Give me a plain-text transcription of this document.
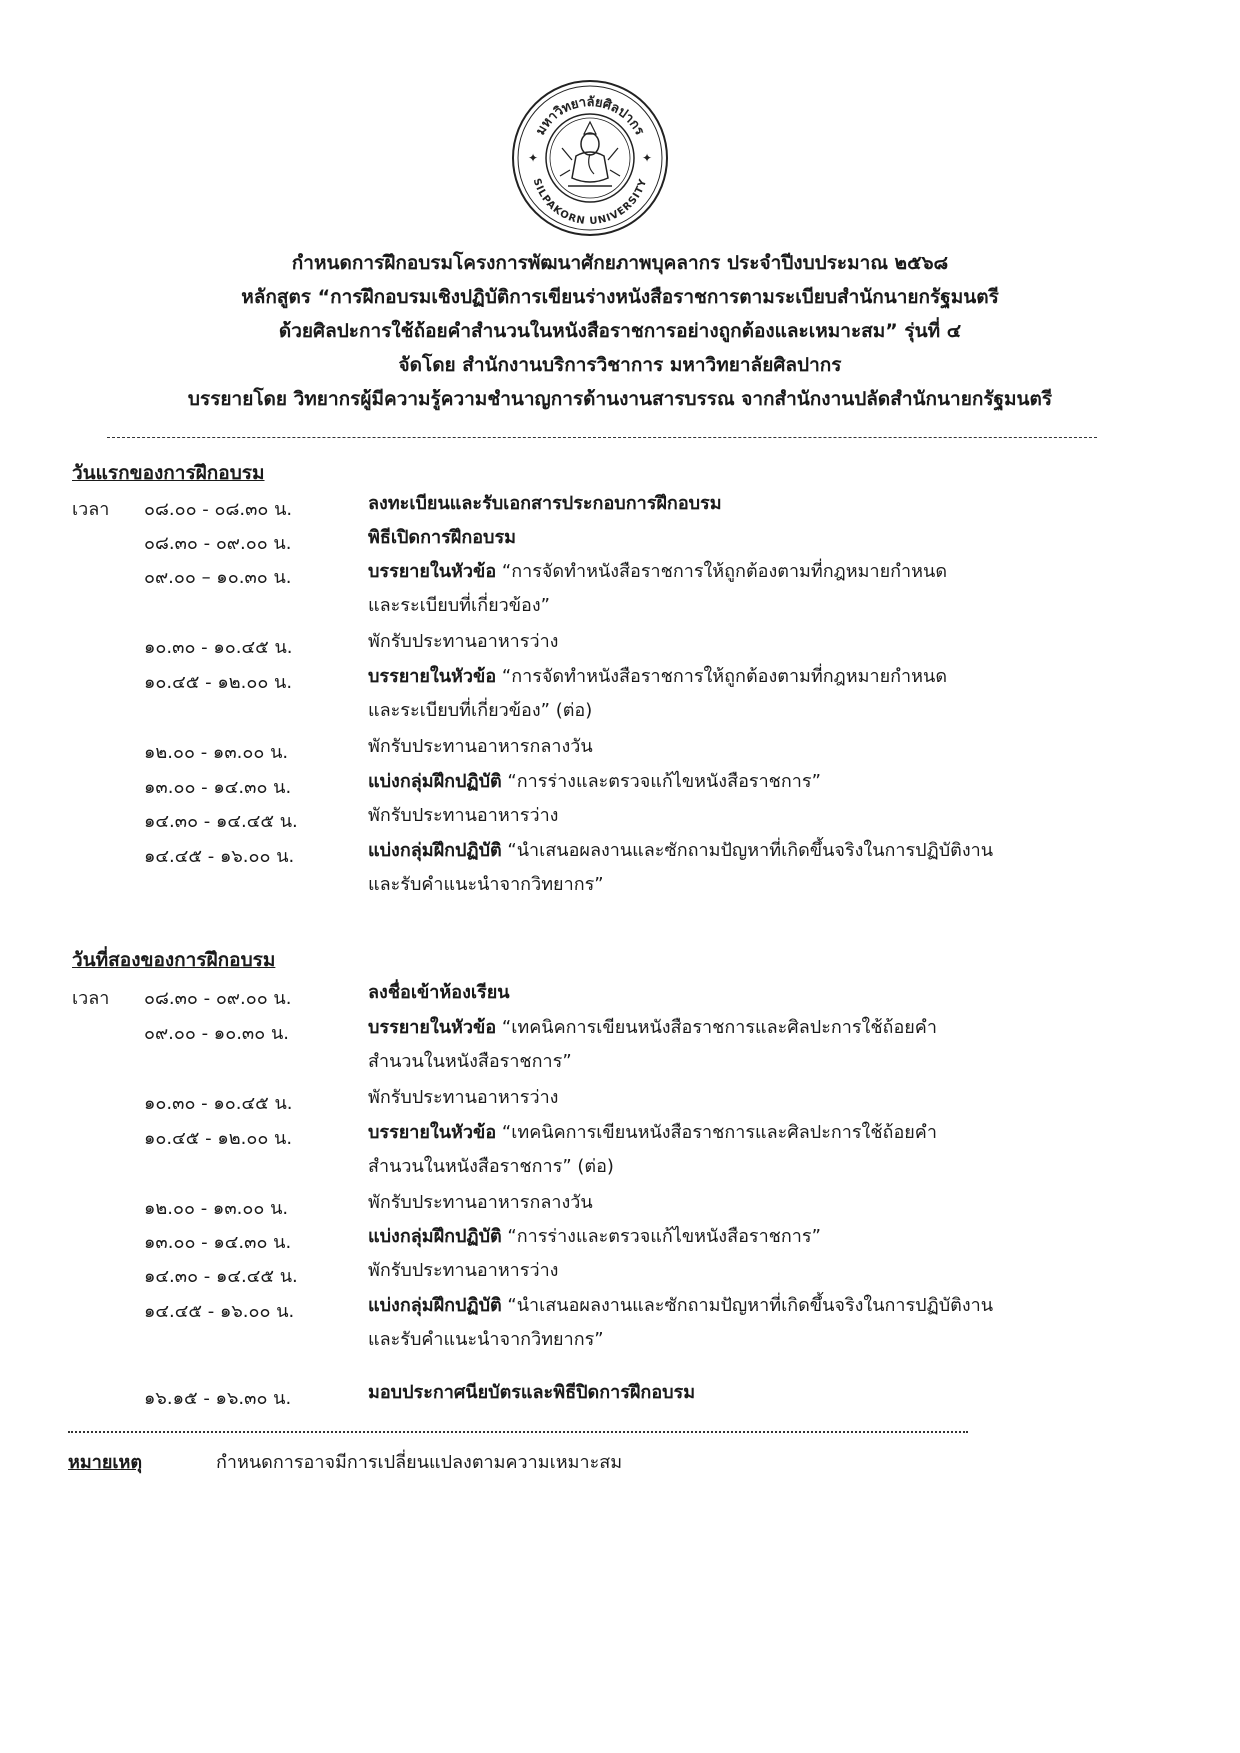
มหาวิทยาลัยศิลปากร
SILPAKORN UNIVERSITY
✦	✦
กำหนดการฝึกอบรมโครงการพัฒนาศักยภาพบุคลากร ประจำปีงบประมาณ ๒๕๖๘
หลักสูตร “การฝึกอบรมเชิงปฏิบัติการเขียนร่างหนังสือราชการตามระเบียบสำนักนายกรัฐมนตรี
ด้วยศิลปะการใช้ถ้อยคำสำนวนในหนังสือราชการอย่างถูกต้องและเหมาะสม” รุ่นที่ ๔
จัดโดย สำนักงานบริการวิชาการ มหาวิทยาลัยศิลปากร
บรรยายโดย วิทยากรผู้มีความรู้ความชำนาญการด้านงานสารบรรณ จากสำนักงานปลัดสำนักนายกรัฐมนตรี
วันแรกของการฝึกอบรม
เวลา ๐๘.๐๐ - ๐๘.๓๐ น.	ลงทะเบียนและรับเอกสารประกอบการฝึกอบรม
๐๘.๓๐ - ๐๙.๐๐ น.	พิธีเปิดการฝึกอบรม
๐๙.๐๐ – ๑๐.๓๐ น.	บรรยายในหัวข้อ “การจัดทำหนังสือราชการให้ถูกต้องตามที่กฎหมายกำหนด
และระเบียบที่เกี่ยวข้อง”
๑๐.๓๐ - ๑๐.๔๕ น.	พักรับประทานอาหารว่าง
๑๐.๔๕ - ๑๒.๐๐ น.	บรรยายในหัวข้อ “การจัดทำหนังสือราชการให้ถูกต้องตามที่กฎหมายกำหนด
และระเบียบที่เกี่ยวข้อง” (ต่อ)
๑๒.๐๐ - ๑๓.๐๐ น.	พักรับประทานอาหารกลางวัน
๑๓.๐๐ - ๑๔.๓๐ น.	แบ่งกลุ่มฝึกปฏิบัติ “การร่างและตรวจแก้ไขหนังสือราชการ”
๑๔.๓๐ - ๑๔.๔๕ น.	พักรับประทานอาหารว่าง
๑๔.๔๕ - ๑๖.๐๐ น.	แบ่งกลุ่มฝึกปฏิบัติ “นำเสนอผลงานและซักถามปัญหาที่เกิดขึ้นจริงในการปฏิบัติงาน
และรับคำแนะนำจากวิทยากร”
วันที่สองของการฝึกอบรม
เวลา ๐๘.๓๐ - ๐๙.๐๐ น.	ลงชื่อเข้าห้องเรียน
๐๙.๐๐ - ๑๐.๓๐ น.	บรรยายในหัวข้อ “เทคนิคการเขียนหนังสือราชการและศิลปะการใช้ถ้อยคำ
สำนวนในหนังสือราชการ”
๑๐.๓๐ - ๑๐.๔๕ น.	พักรับประทานอาหารว่าง
๑๐.๔๕ - ๑๒.๐๐ น.	บรรยายในหัวข้อ “เทคนิคการเขียนหนังสือราชการและศิลปะการใช้ถ้อยคำ
สำนวนในหนังสือราชการ” (ต่อ)
๑๒.๐๐ - ๑๓.๐๐ น.	พักรับประทานอาหารกลางวัน
๑๓.๐๐ - ๑๔.๓๐ น.	แบ่งกลุ่มฝึกปฏิบัติ “การร่างและตรวจแก้ไขหนังสือราชการ”
๑๔.๓๐ - ๑๔.๔๕ น.	พักรับประทานอาหารว่าง
๑๔.๔๕ - ๑๖.๐๐ น.	แบ่งกลุ่มฝึกปฏิบัติ “นำเสนอผลงานและซักถามปัญหาที่เกิดขึ้นจริงในการปฏิบัติงาน
และรับคำแนะนำจากวิทยากร”
๑๖.๑๕ - ๑๖.๓๐ น.	มอบประกาศนียบัตรและพิธีปิดการฝึกอบรม
หมายเหตุ	กำหนดการอาจมีการเปลี่ยนแปลงตามความเหมาะสม
